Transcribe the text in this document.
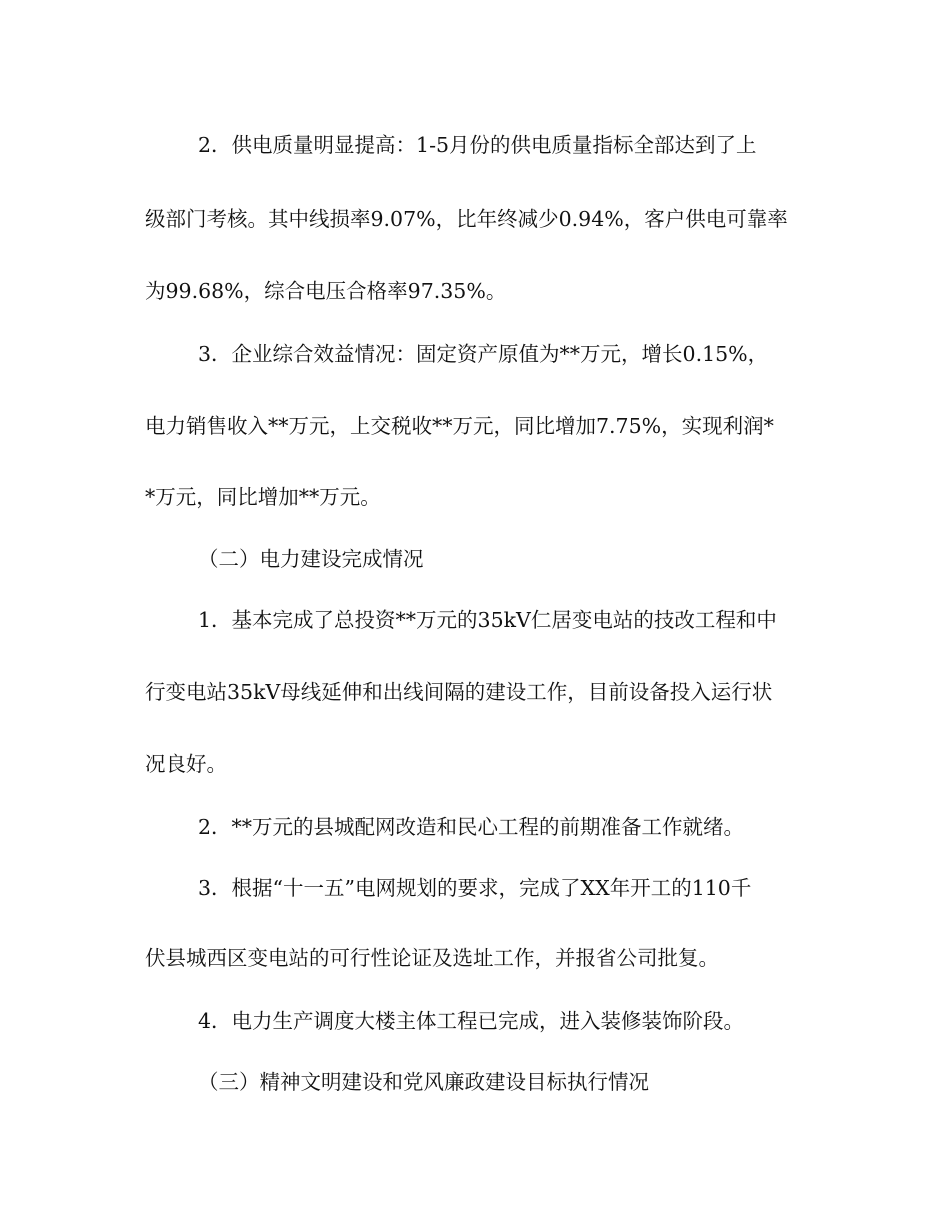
2．供电质量明显提高：1-5月份的供电质量指标全部达到了上
级部门考核。其中线损率9.07%，比年终减少0.94%，客户供电可靠率
为99.68%，综合电压合格率97.35%。
3．企业综合效益情况：固定资产原值为**万元，增长0.15%，
电力销售收入**万元，上交税收**万元，同比增加7.75%，实现利润*
*万元，同比增加**万元。
（二）电力建设完成情况
1．基本完成了总投资**万元的35kV仁居变电站的技改工程和中
行变电站35kV母线延伸和出线间隔的建设工作，目前设备投入运行状
况良好。
2．**万元的县城配网改造和民心工程的前期准备工作就绪。
3．根据“十一五”电网规划的要求，完成了XX年开工的110千
伏县城西区变电站的可行性论证及选址工作，并报省公司批复。
4．电力生产调度大楼主体工程已完成，进入装修装饰阶段。
（三）精神文明建设和党风廉政建设目标执行情况
